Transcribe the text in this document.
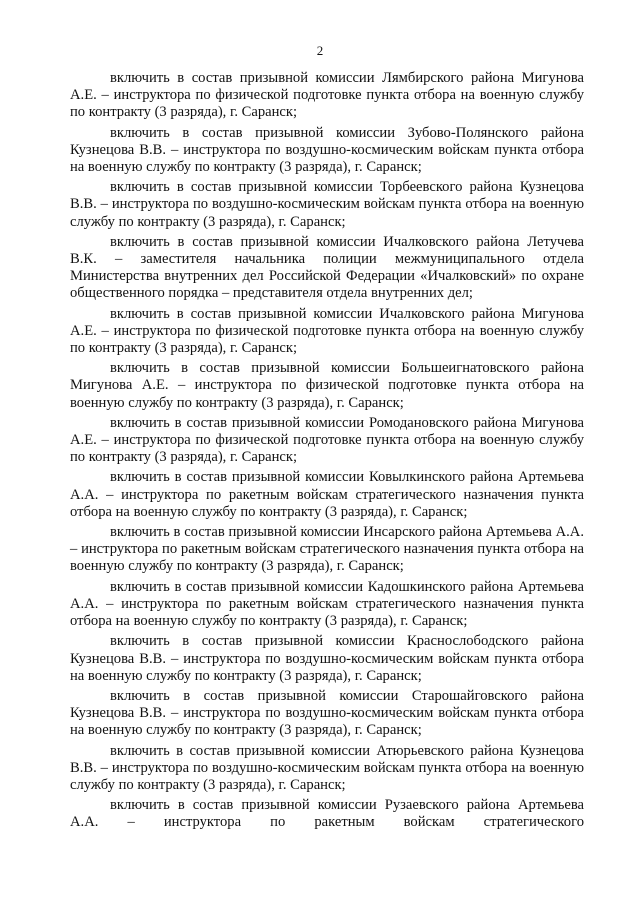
2

включить в состав призывной комиссии Лямбирского района Мигунова А.Е. – инструктора по физической подготовке пункта отбора на военную службу по контракту (3 разряда), г. Саранск;

включить в состав призывной комиссии Зубово-Полянского района Кузнецова В.В. – инструктора по воздушно-космическим войскам пункта отбора на военную службу по контракту (3 разряда), г. Саранск;

включить в состав призывной комиссии Торбеевского района Кузнецова В.В. – инструктора по воздушно-космическим войскам пункта отбора на военную службу по контракту (3 разряда), г. Саранск;

включить в состав призывной комиссии Ичалковского района Летучева В.К. – заместителя начальника полиции межмуниципального отдела Министерства внутренних дел Российской Федерации «Ичалковский» по охране общественного порядка – представителя отдела внутренних дел;

включить в состав призывной комиссии Ичалковского района Мигунова А.Е. – инструктора по физической подготовке пункта отбора на военную службу по контракту (3 разряда), г. Саранск;

включить в состав призывной комиссии Большеигнатовского района Мигунова А.Е. – инструктора по физической подготовке пункта отбора на военную службу по контракту (3 разряда), г. Саранск;

включить в состав призывной комиссии Ромодановского района Мигунова А.Е. – инструктора по физической подготовке пункта отбора на военную службу по контракту (3 разряда), г. Саранск;

включить в состав призывной комиссии Ковылкинского района Артемьева А.А. – инструктора по ракетным войскам стратегического назначения пункта отбора на военную службу по контракту (3 разряда), г. Саранск;

включить в состав призывной комиссии Инсарского района Артемьева А.А. – инструктора по ракетным войскам стратегического назначения пункта отбора на военную службу по контракту (3 разряда), г. Саранск;

включить в состав призывной комиссии Кадошкинского района Артемьева А.А. – инструктора по ракетным войскам стратегического назначения пункта отбора на военную службу по контракту (3 разряда), г. Саранск;

включить в состав призывной комиссии Краснослободского района Кузнецова В.В. – инструктора по воздушно-космическим войскам пункта отбора на военную службу по контракту (3 разряда), г. Саранск;

включить в состав призывной комиссии Старошайговского района Кузнецова В.В. – инструктора по воздушно-космическим войскам пункта отбора на военную службу по контракту (3 разряда), г. Саранск;

включить в состав призывной комиссии Атюрьевского района Кузнецова В.В. – инструктора по воздушно-космическим войскам пункта отбора на военную службу по контракту (3 разряда), г. Саранск;

включить в состав призывной комиссии Рузаевского района Артемьева А.А. – инструктора по ракетным войскам стратегического
